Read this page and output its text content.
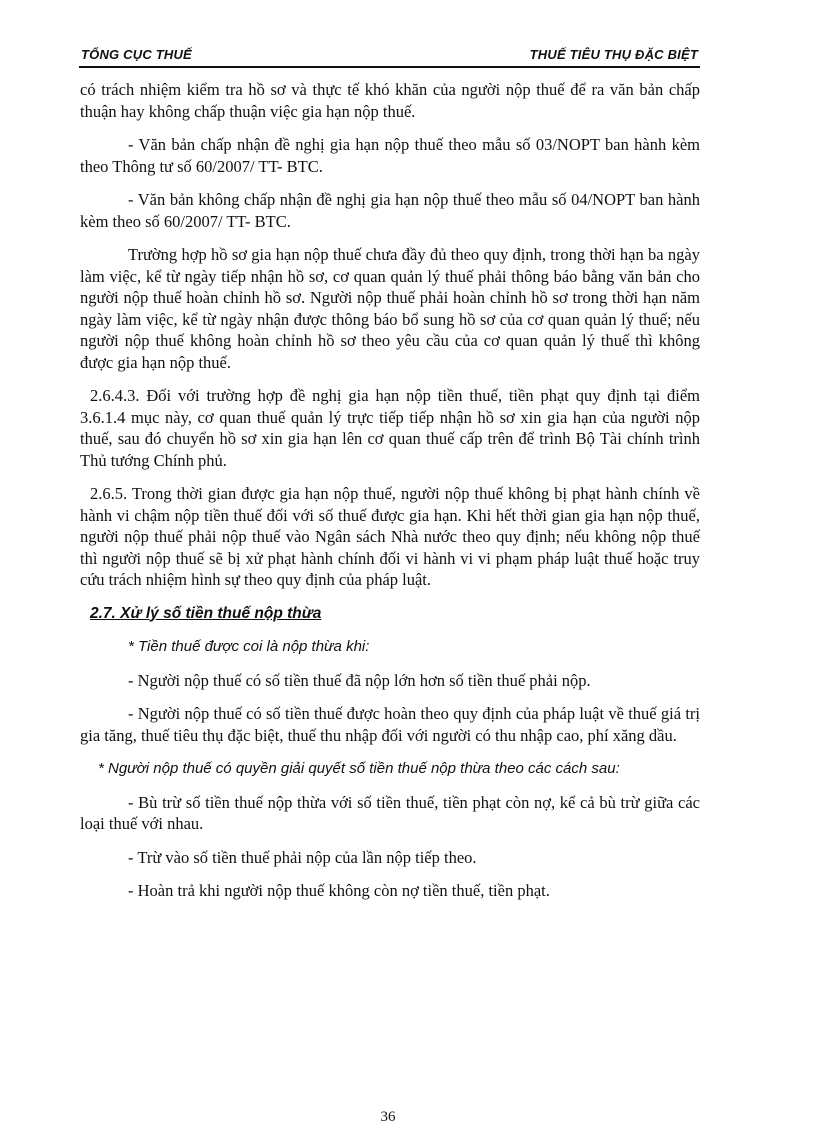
TỔNG CỤC THUẾ	THUẾ TIÊU THỤ ĐẶC BIỆT

có trách nhiệm kiểm tra hồ sơ và thực tế khó khăn của người nộp thuế để ra văn bản chấp thuận hay không chấp thuận việc gia hạn nộp thuế.

- Văn bản chấp nhận đề nghị gia hạn nộp thuế theo mẫu số 03/NOPT ban hành kèm theo Thông tư số 60/2007/ TT- BTC.

- Văn bản không chấp nhận đề nghị gia hạn nộp thuế theo mẫu số 04/NOPT ban hành kèm theo số 60/2007/ TT- BTC.

Trường hợp hồ sơ gia hạn nộp thuế chưa đầy đủ theo quy định, trong thời hạn ba ngày làm việc, kể từ ngày tiếp nhận hồ sơ, cơ quan quản lý thuế phải thông báo bằng văn bản cho người nộp thuế hoàn chỉnh hồ sơ. Người nộp thuế phải hoàn chỉnh hồ sơ trong thời hạn năm ngày làm việc, kể từ ngày nhận được thông báo bổ sung hồ sơ của cơ quan quản lý thuế; nếu người nộp thuế không hoàn chỉnh hồ sơ theo yêu cầu của cơ quan quản lý thuế thì không được gia hạn nộp thuế.

2.6.4.3. Đối với trường hợp đề nghị gia hạn nộp tiền thuế, tiền phạt quy định tại điểm 3.6.1.4 mục này, cơ quan thuế quản lý trực tiếp tiếp nhận hồ sơ xin gia hạn của người nộp thuế, sau đó chuyển hồ sơ xin gia hạn lên cơ quan thuế cấp trên để trình Bộ Tài chính trình Thủ tướng Chính phủ.

2.6.5. Trong thời gian được gia hạn nộp thuế, người nộp thuế không bị phạt hành chính về hành vi chậm nộp tiền thuế đối với số thuế được gia hạn. Khi hết thời gian gia hạn nộp thuế, người nộp thuế phải nộp thuế vào Ngân sách Nhà nước theo quy định; nếu không nộp thuế thì người nộp thuế sẽ bị xử phạt hành chính đối vi hành vi vi phạm pháp luật thuế hoặc truy cứu trách nhiệm hình sự theo quy định của pháp luật.

2.7. Xử lý số tiền thuế nộp thừa

* Tiền thuế được coi là nộp thừa khi:

- Người nộp thuế có số tiền thuế đã nộp lớn hơn số tiền thuế phải nộp.

- Người nộp thuế có số tiền thuế được hoàn theo quy định của pháp luật về thuế giá trị gia tăng, thuế tiêu thụ đặc biệt, thuế thu nhập đối với người có thu nhập cao, phí xăng dầu.

* Người nộp thuế có quyền giải quyết số tiền thuế nộp thừa theo các cách sau:

- Bù trừ số tiền thuế nộp thừa với số tiền thuế, tiền phạt còn nợ, kể cả bù trừ giữa các loại thuế với nhau.

- Trừ vào số tiền thuế phải nộp của lần nộp tiếp theo.

- Hoàn trả khi người nộp thuế không còn nợ tiền thuế, tiền phạt.

36
